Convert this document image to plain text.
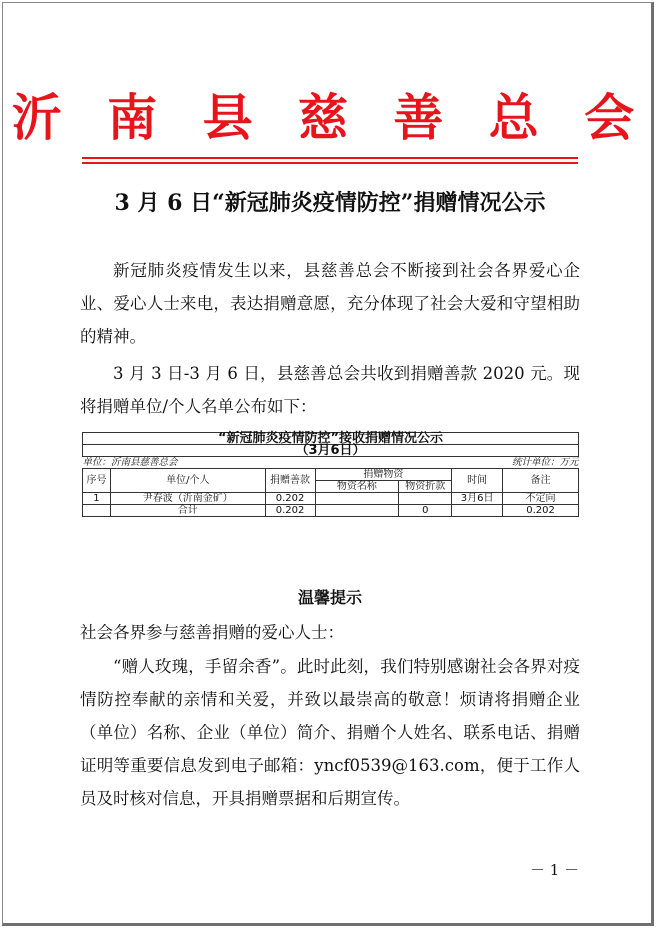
沂 南 县 慈 善 总 会
3 月 6 日“新冠肺炎疫情防控”捐赠情况公示
新冠肺炎疫情发生以来，县慈善总会不断接到社会各界爱心企业、爱心人士来电，表达捐赠意愿，充分体现了社会大爱和守望相助的精神。
3 月 3 日-3 月 6 日，县慈善总会共收到捐赠善款 2020 元。现将捐赠单位/个人名单公布如下：
“新冠肺炎疫情防控”接收捐赠情况公示						
（3月6日）						
单位：沂南县慈善总会				统计单位：万元		
序号	单位/个人	捐赠善款	捐赠物资		时间	备注
			物资名称	物资折款		
1	尹春波（沂南金矿）	0.202			3月6日	不定向
	合计	0.202		0		0.202
温馨提示
社会各界参与慈善捐赠的爱心人士：
“赠人玫瑰，手留余香”。此时此刻，我们特别感谢社会各界对疫情防控奉献的亲情和关爱，并致以最崇高的敬意！烦请将捐赠企业（单位）名称、企业（单位）简介、捐赠个人姓名、联系电话、捐赠证明等重要信息发到电子邮箱：yncf0539@163.com，便于工作人员及时核对信息，开具捐赠票据和后期宣传。
－ 1 －
